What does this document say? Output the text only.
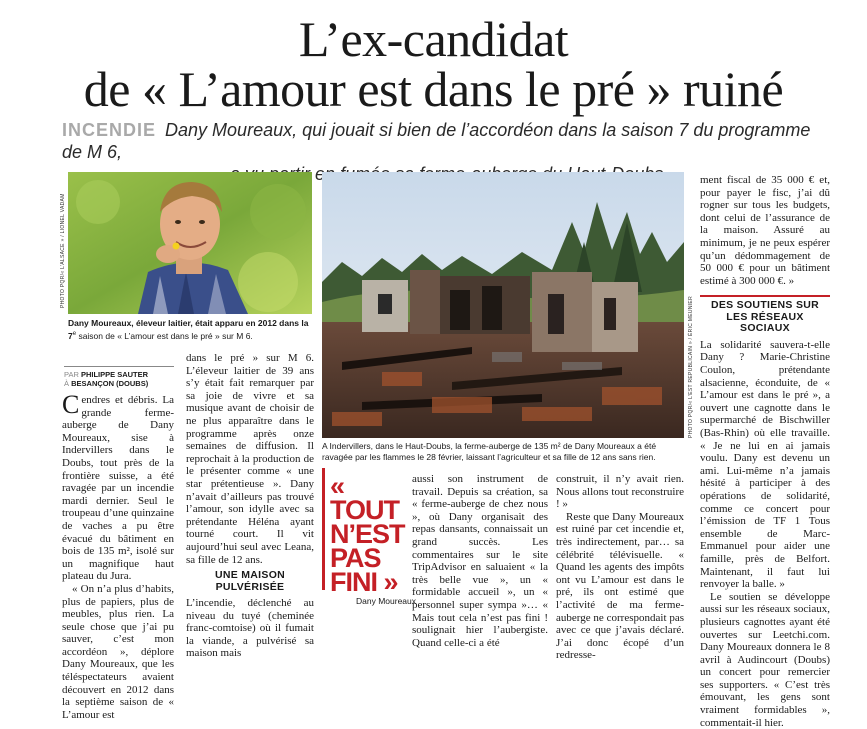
L’ex-candidat
de « L’amour est dans le pré » ruiné
INCENDIE Dany Moureaux, qui jouait si bien de l’accordéon dans la saison 7 du programme de M 6,
PHOTO PQR/« L’ALSACE » / LIONEL VADAM
Dany Moureaux, éleveur laitier, était apparu en 2012 dans la 7e saison de « L’amour est dans le pré » sur M 6.	PHOTO PQR/« L’EST REPUBLICAIN » / ÉRIC MEUNIER
A Indervillers, dans le Haut-Doubs, la ferme-auberge de 135 m² de Dany Moureaux a été ravagée par les flammes le 28 février, laissant l’agriculteur et sa fille de 12 ans sans rien.
PAR PHILIPPE SAUTER
À BESANÇON (DOUBS)

Cendres et débris. La grande ferme-auberge de Dany Moureaux, sise à Indervillers dans le Doubs, tout près de la frontière suisse, a été ravagée par un incendie mardi dernier. Seul le troupeau d’une quinzaine de vaches a pu être évacué du bâtiment en bois de 135 m², isolé sur un magnifique haut plateau du Jura.

« On n’a plus d’habits, plus de papiers, plus de meubles, plus rien. La seule chose que j’ai pu sauver, c’est mon accordéon », déplore Dany Moureaux, que les téléspectateurs avaient découvert en 2012 dans la septième saison de « L’amour est

dans le pré » sur M 6. L’éleveur laitier de 39 ans s’y était fait remarquer par sa joie de vivre et sa musique avant de choisir de ne plus apparaître dans le programme après onze semaines de diffusion. Il reprochait à la production de le présenter comme « une star prétentieuse ». Dany n’avait d’ailleurs pas trouvé l’amour, son idylle avec sa prétendante Héléna ayant tourné court. Il vit aujourd’hui seul avec Leana, sa fille de 12 ans.

UNE MAISON
PULVÉRISÉE

L’incendie, déclenché au niveau du tuyé (cheminée franc-comtoise) où il fumait la viande, a pulvérisé sa maison mais

« TOUT
N’EST
PAS
FINI »
Dany Moureaux

aussi son instrument de travail. Depuis sa création, sa « ferme-auberge de chez nous », où Dany organisait des repas dansants, connaissait un grand succès. Les commentaires sur le site TripAdvisor en saluaient « la très belle vue », un « formidable accueil », un « personnel super sympa »… « Mais tout cela n’est pas fini ! soulignait hier l’aubergiste. Quand celle-ci a été

construit, il n’y avait rien. Nous allons tout reconstruire ! »

Reste que Dany Moureaux est ruiné par cet incendie et, très indirectement, par… sa célébrité télévisuelle. « Quand les agents des impôts ont vu L’amour est dans le pré, ils ont estimé que l’activité de ma ferme-auberge ne correspondait pas avec ce que j’avais déclaré. J’ai donc écopé d’un redresse-

ment fiscal de 35 000 € et, pour payer le fisc, j’ai dû rogner sur tous les budgets, dont celui de l’assurance de la maison. Assuré au minimum, je ne peux espérer qu’un dédommagement de 50 000 € pour un bâtiment estimé à 300 000 €. »

DES SOUTIENS SUR
LES RÉSEAUX SOCIAUX

La solidarité sauvera-t-elle Dany ? Marie-Christine Coulon, prétendante alsacienne, éconduite, de « L’amour est dans le pré », a ouvert une cagnotte dans le supermarché de Bischwiller (Bas-Rhin) où elle travaille. « Je ne lui en ai jamais voulu. Dany est devenu un ami. Lui-même n’a jamais hésité à participer à des opérations de solidarité, comme ce concert pour l’émission de TF 1 Tous ensemble de Marc-Emmanuel pour aider une famille, près de Belfort. Maintenant, il faut lui renvoyer la balle. »

Le soutien se développe aussi sur les réseaux sociaux, plusieurs cagnottes ayant été ouvertes sur Leetchi.com. Dany Moureaux donnera le 8 avril à Audincourt (Doubs) un concert pour remercier ses supporters. « C’est très émouvant, les gens sont vraiment formidables », commentait-il hier.
